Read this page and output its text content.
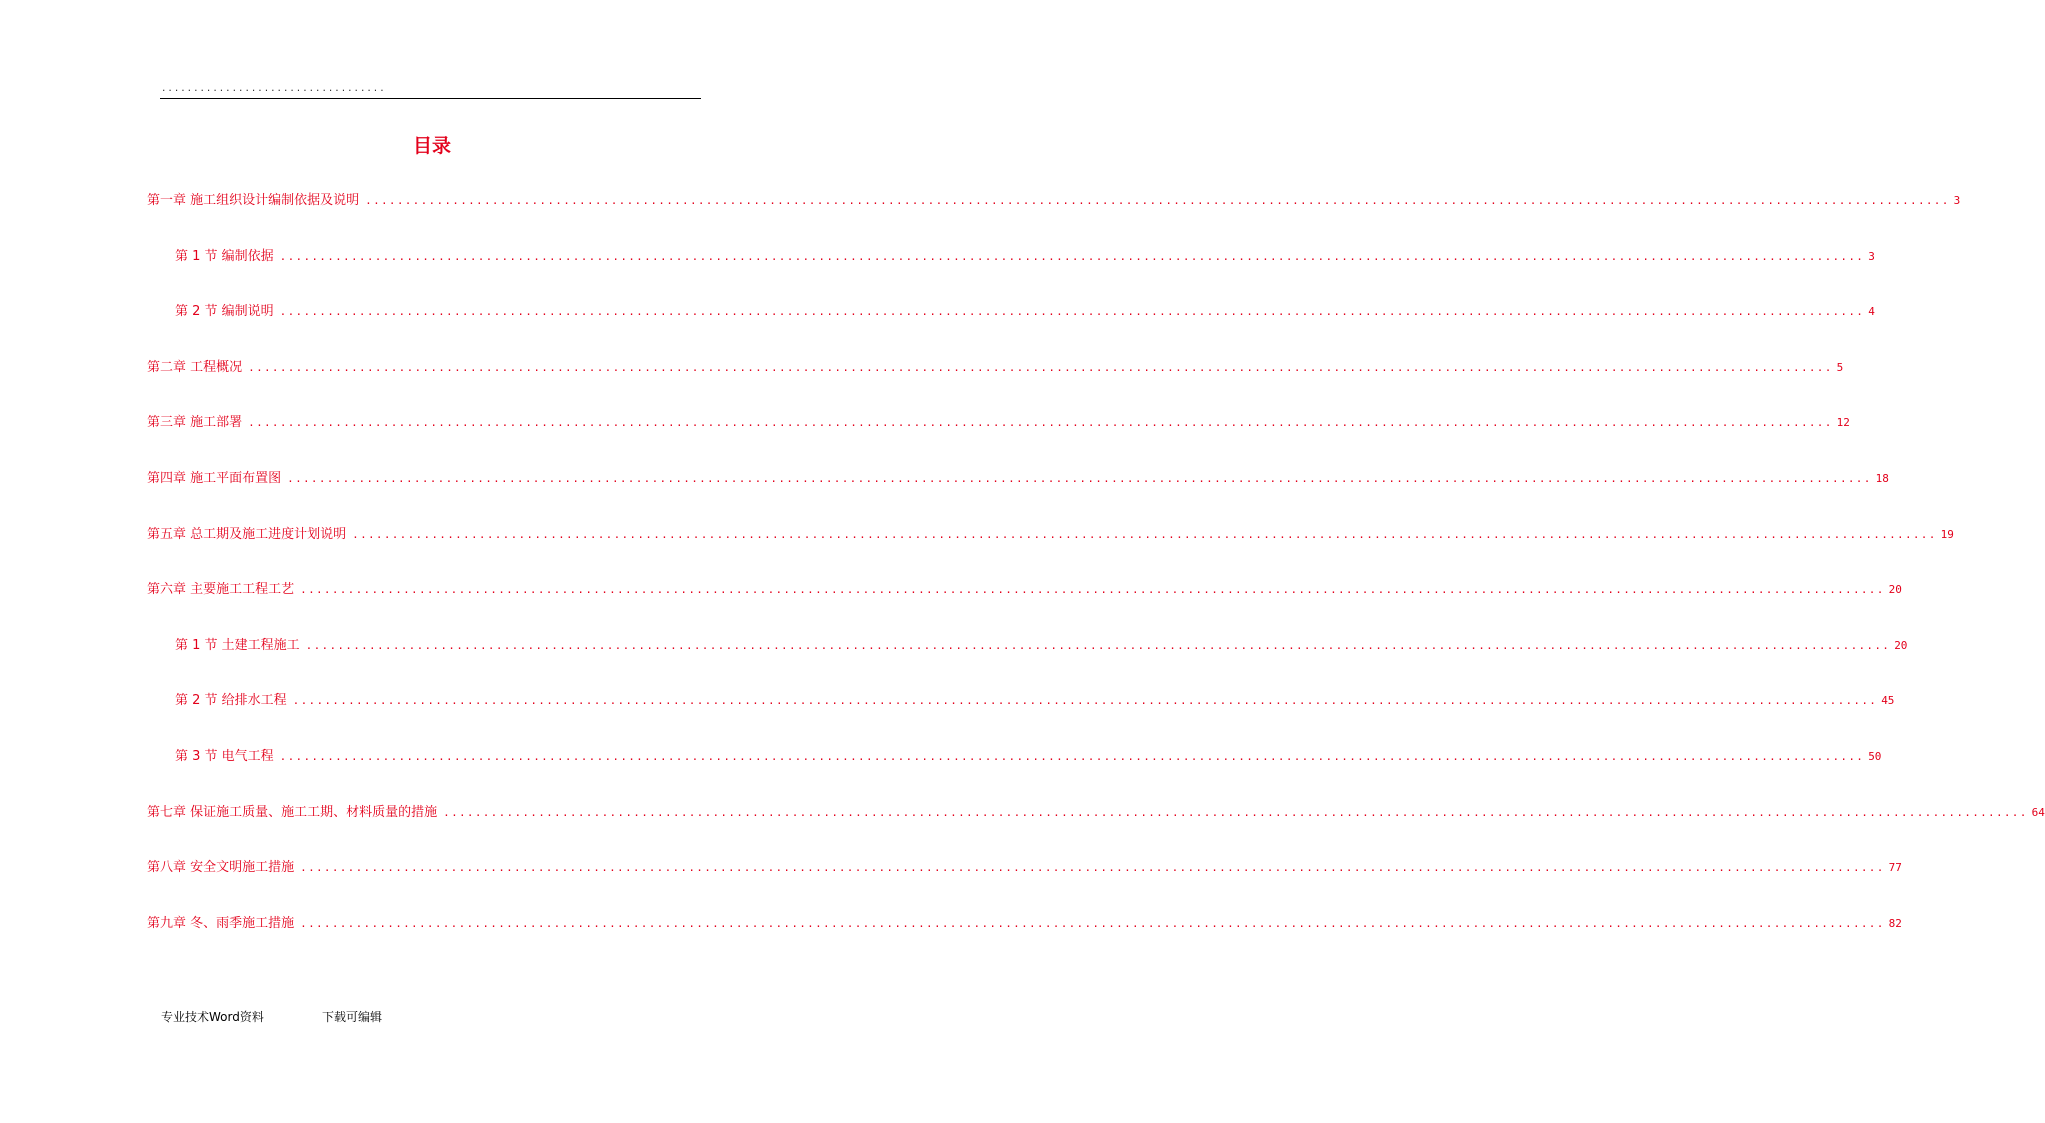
...................................
目录
第一章 施工组织设计编制依据及说明 ........................................................................................................................................................................................................ 3
第 1 节 编制依据 ........................................................................................................................................................................................................ 3
第 2 节 编制说明 ........................................................................................................................................................................................................ 4
第二章 工程概况 ........................................................................................................................................................................................................ 5
第三章 施工部署 ........................................................................................................................................................................................................ 12
第四章 施工平面布置图 ........................................................................................................................................................................................................ 18
第五章 总工期及施工进度计划说明 ........................................................................................................................................................................................................ 19
第六章 主要施工工程工艺 ........................................................................................................................................................................................................ 20
第 1 节 土建工程施工 ........................................................................................................................................................................................................ 20
第 2 节 给排水工程 ........................................................................................................................................................................................................ 45
第 3 节 电气工程 ........................................................................................................................................................................................................ 50
第七章 保证施工质量、施工工期、材料质量的措施 ........................................................................................................................................................................................................ 64
第八章 安全文明施工措施 ........................................................................................................................................................................................................ 77
第九章 冬、雨季施工措施 ........................................................................................................................................................................................................ 82
专业技术Word资料	下载可编辑
